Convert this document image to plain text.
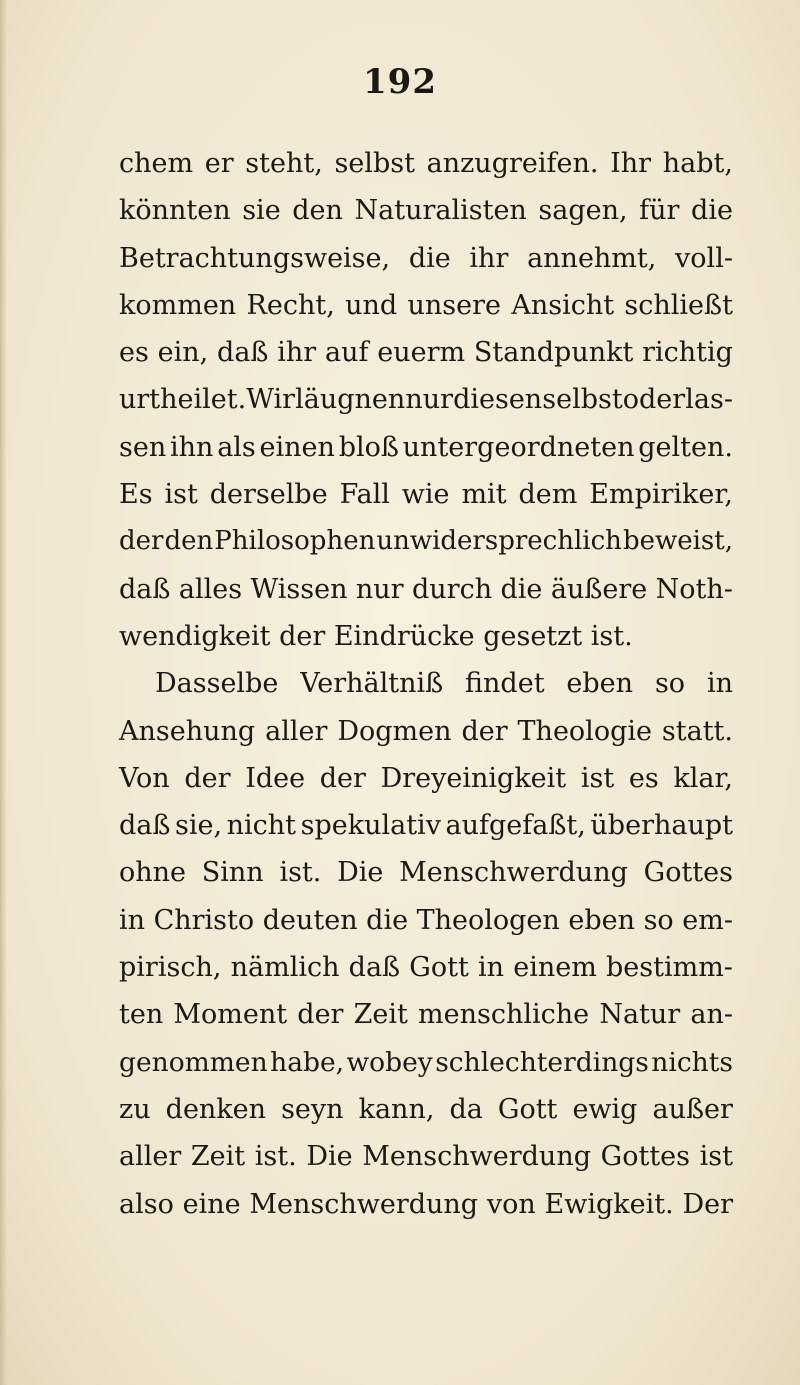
192
chem er steht, selbst anzugreifen. Ihr habt,
könnten sie den Naturalisten sagen, für die
Betrachtungsweise, die ihr annehmt, voll-
kommen Recht, und unsere Ansicht schließt
es ein, daß ihr auf euerm Standpunkt richtig
urtheilet. Wir läugnen nur diesen selbst oder las-
sen ihn als einen bloß untergeordneten gelten.
Es ist derselbe Fall wie mit dem Empiriker,
der den Philosophen unwidersprechlich beweist,
daß alles Wissen nur durch die äußere Noth-
wendigkeit der Eindrücke gesetzt ist.
Dasselbe Verhältniß findet eben so in
Ansehung aller Dogmen der Theologie statt.
Von der Idee der Dreyeinigkeit ist es klar,
daß sie, nicht spekulativ aufgefaßt, überhaupt
ohne Sinn ist. Die Menschwerdung Gottes
in Christo deuten die Theologen eben so em-
pirisch, nämlich daß Gott in einem bestimm-
ten Moment der Zeit menschliche Natur an-
genommen habe, wobey schlechterdings nichts
zu denken seyn kann, da Gott ewig außer
aller Zeit ist. Die Menschwerdung Gottes ist
also eine Menschwerdung von Ewigkeit. Der
